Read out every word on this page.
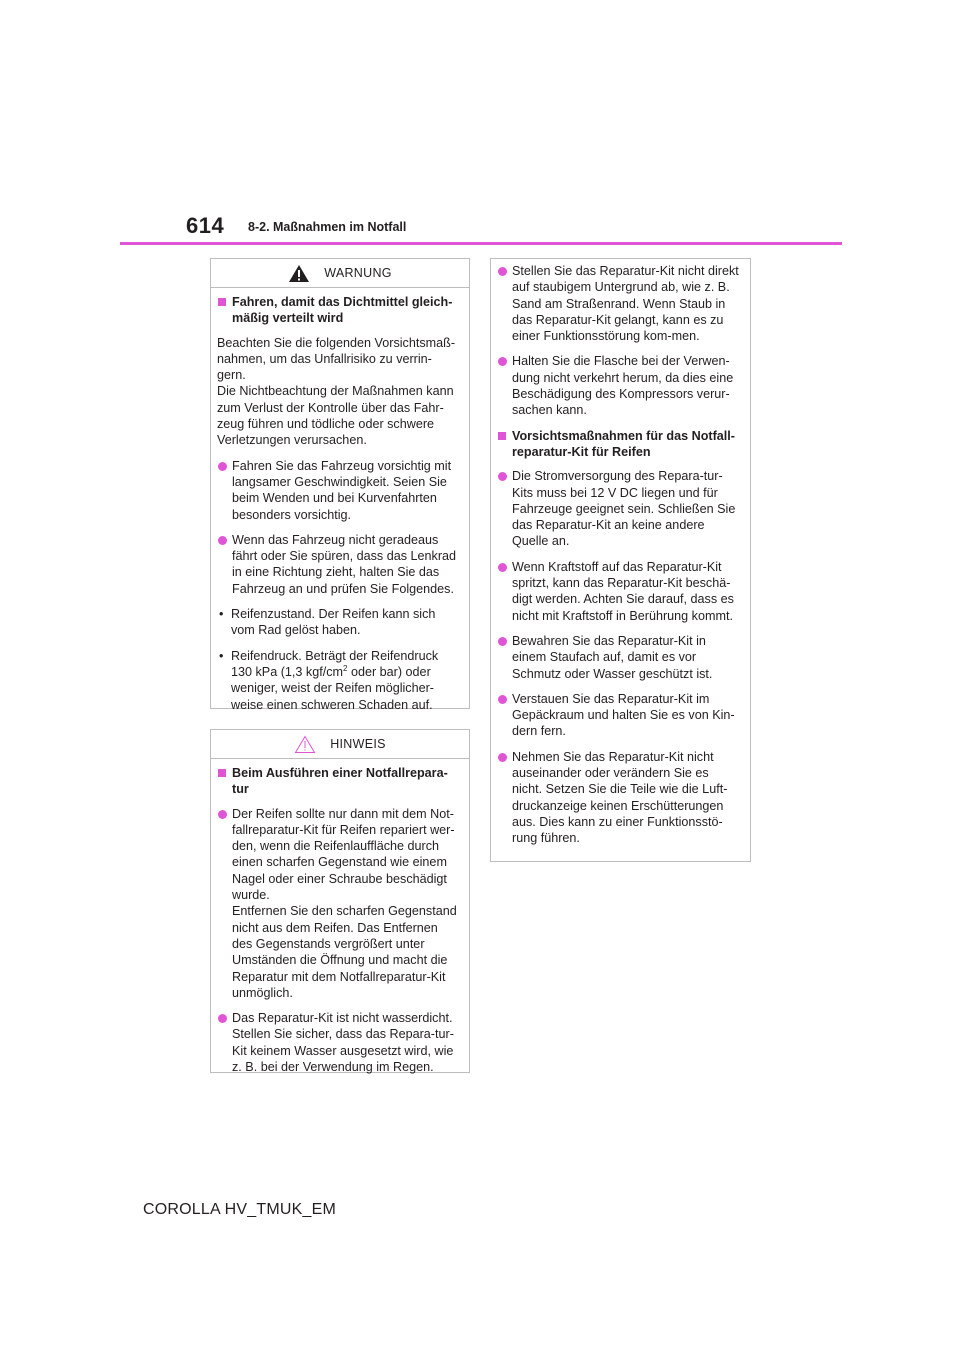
614 8-2. Maßnahmen im Notfall
WARNUNG
Fahren, damit das Dichtmittel gleich-mäßig verteilt wird
Beachten Sie die folgenden Vorsichtsmaß-nahmen, um das Unfallrisiko zu verrin-gern.
Die Nichtbeachtung der Maßnahmen kann zum Verlust der Kontrolle über das Fahr-zeug führen und tödliche oder schwere Verletzungen verursachen.
Fahren Sie das Fahrzeug vorsichtig mit langsamer Geschwindigkeit. Seien Sie beim Wenden und bei Kurvenfahrten besonders vorsichtig.
Wenn das Fahrzeug nicht geradeaus fährt oder Sie spüren, dass das Lenkrad in eine Richtung zieht, halten Sie das Fahrzeug an und prüfen Sie Folgendes.
• Reifenzustand. Der Reifen kann sich vom Rad gelöst haben.
• Reifendruck. Beträgt der Reifendruck 130 kPa (1,3 kgf/$cm^2$ oder bar) oder weniger, weist der Reifen möglicher-weise einen schweren Schaden auf.
Stellen Sie das Reparatur-Kit nicht direkt auf staubigem Untergrund ab, wie z. B. Sand am Straßenrand. Wenn Staub in das Reparatur-Kit gelangt, kann es zu einer Funktionsstörung kom-men.
Halten Sie die Flasche bei der Verwen-dung nicht verkehrt herum, da dies eine Beschädigung des Kompressors verur-sachen kann.
Vorsichtsmaßnahmen für das Notfall-reparatur-Kit für Reifen
Die Stromversorgung des Repara-tur-Kits muss bei 12 V DC liegen und für Fahrzeuge geeignet sein. Schließen Sie das Reparatur-Kit an keine andere Quelle an.
Wenn Kraftstoff auf das Reparatur-Kit spritzt, kann das Reparatur-Kit beschä-digt werden. Achten Sie darauf, dass es nicht mit Kraftstoff in Berührung kommt.
Bewahren Sie das Reparatur-Kit in einem Staufach auf, damit es vor Schmutz oder Wasser geschützt ist.
Verstauen Sie das Reparatur-Kit im Gepäckraum und halten Sie es von Kin-dern fern.
Nehmen Sie das Reparatur-Kit nicht auseinander oder verändern Sie es nicht. Setzen Sie die Teile wie die Luft-druckanzeige keinen Erschütterungen aus. Dies kann zu einer Funktionsstö-rung führen.
HINWEIS
Beim Ausführen einer Notfallrepara-tur
Der Reifen sollte nur dann mit dem Not-fallreparatur-Kit für Reifen repariert wer-den, wenn die Reifenlauffläche durch einen scharfen Gegenstand wie einem Nagel oder einer Schraube beschädigt wurde.
Entfernen Sie den scharfen Gegenstand nicht aus dem Reifen. Das Entfernen des Gegenstands vergrößert unter Umständen die Öffnung und macht die Reparatur mit dem Notfallreparatur-Kit unmöglich.
Das Reparatur-Kit ist nicht wasserdicht. Stellen Sie sicher, dass das Repara-tur-Kit keinem Wasser ausgesetzt wird, wie z. B. bei der Verwendung im Regen.
COROLLA HV_TMUK_EM
